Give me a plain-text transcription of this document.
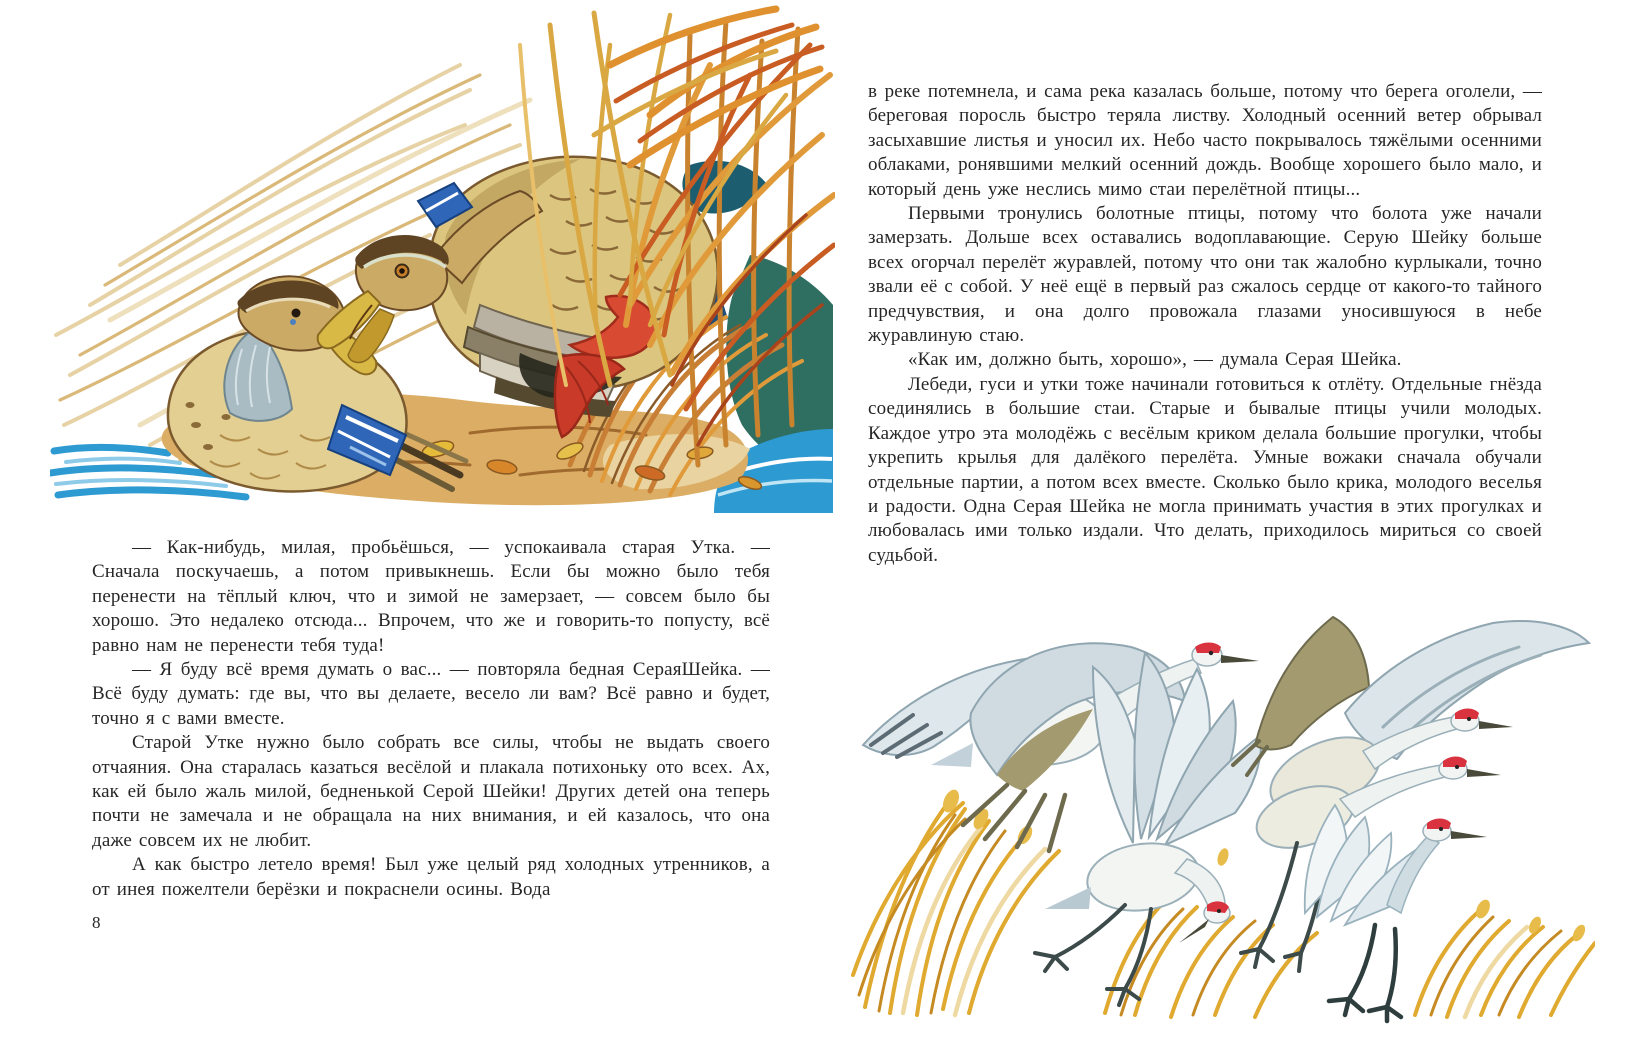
— Как-нибудь, милая, пробьёшься, — успокаивала старая Утка. — Сначала поскучаешь, а потом привыкнешь. Если бы можно было тебя перенести на тёплый ключ, что и зимой не замерзает, — совсем было бы хорошо. Это недалеко отсюда... Впрочем, что же и говорить-то попусту, всё равно нам не перенести тебя туда!

— Я буду всё время думать о вас... — повторяла бедная СераяШейка. — Всё буду думать: где вы, что вы делаете, весело ли вам? Всё равно и будет, точно я с вами вместе.

Старой Утке нужно было собрать все силы, чтобы не выдать своего отчаяния. Она старалась казаться весёлой и плакала потихоньку ото всех. Ах, как ей было жаль милой, бедненькой Серой Шейки! Других детей она теперь почти не замечала и не обращала на них внимания, и ей казалось, что она даже совсем их не любит.

А как быстро летело время! Был уже целый ряд холодных утренников, а от инея пожелтели берёзки и покраснели осины. Вода

8

в реке потемнела, и сама река казалась больше, потому что берега оголели, — береговая поросль быстро теряла листву. Холодный осенний ветер обрывал засыхавшие листья и уносил их. Небо часто покрывалось тяжёлыми осенними облаками, ронявшими мелкий осенний дождь. Вообще хорошего было мало, и который день уже неслись мимо стаи перелётной птицы...

Первыми тронулись болотные птицы, потому что болота уже начали замерзать. Дольше всех оставались водоплавающие. Серую Шейку больше всех огорчал перелёт журавлей, потому что они так жалобно курлыкали, точно звали её с собой. У неё ещё в первый раз сжалось сердце от какого-то тайного предчувствия, и она долго провожала глазами уносившуюся в небе журавлиную стаю.

«Как им, должно быть, хорошо», — думала Серая Шейка.

Лебеди, гуси и утки тоже начинали готовиться к отлёту. Отдельные гнёзда соединялись в большие стаи. Старые и бывалые птицы учили молодых. Каждое утро эта молодёжь с весёлым криком делала большие прогулки, чтобы укрепить крылья для далёкого перелёта. Умные вожаки сначала обучали отдельные партии, а потом всех вместе. Сколько было крика, молодого веселья и радости. Одна Серая Шейка не могла принимать участия в этих прогулках и любовалась ими только издали. Что делать, приходилось мириться со своей судьбой.
